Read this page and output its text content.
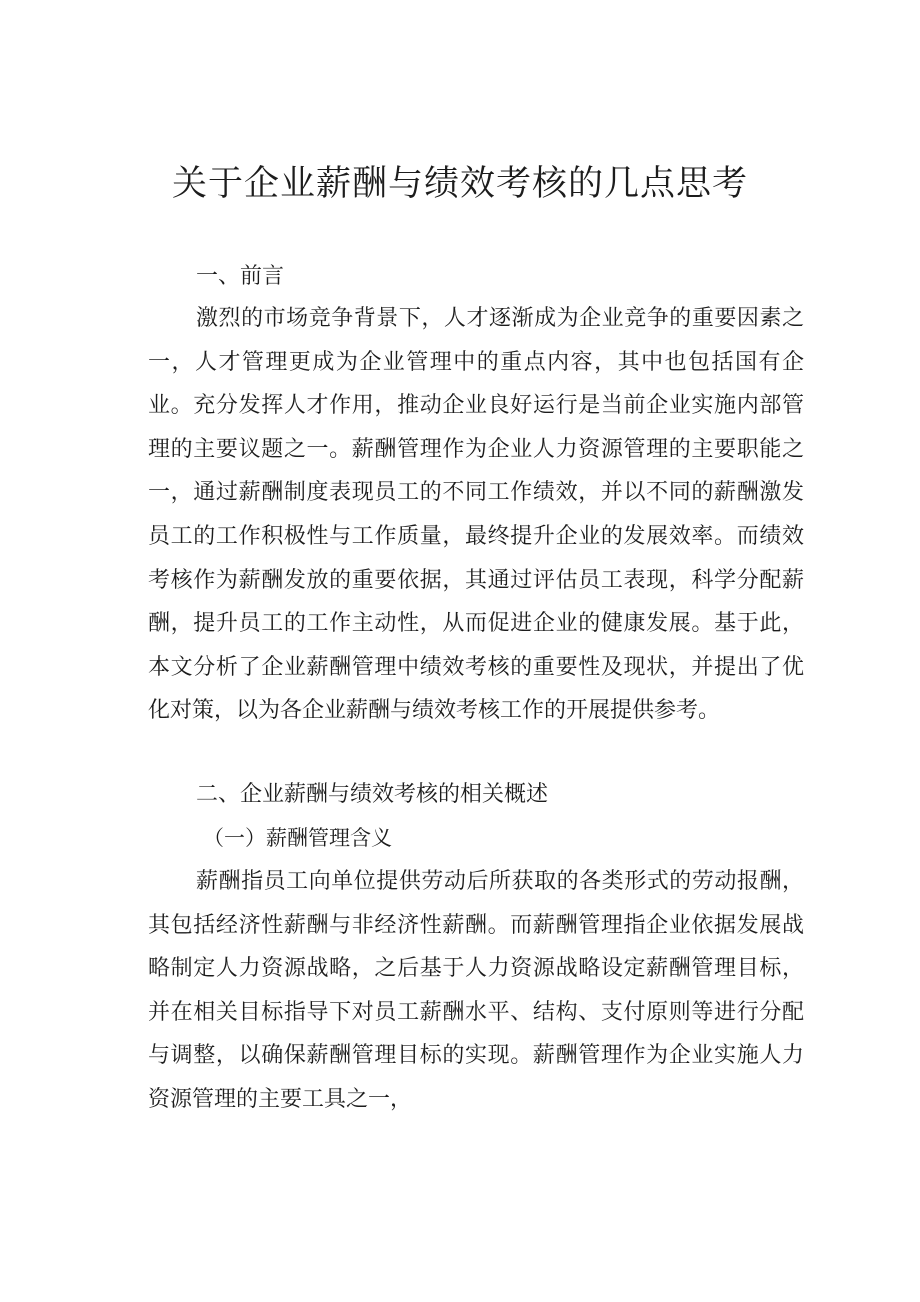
关于企业薪酬与绩效考核的几点思考
一、前言

激烈的市场竞争背景下，人才逐渐成为企业竞争的重要因素之一，人才管理更成为企业管理中的重点内容，其中也包括国有企业。充分发挥人才作用，推动企业良好运行是当前企业实施内部管理的主要议题之一。薪酬管理作为企业人力资源管理的主要职能之一，通过薪酬制度表现员工的不同工作绩效，并以不同的薪酬激发员工的工作积极性与工作质量，最终提升企业的发展效率。而绩效考核作为薪酬发放的重要依据，其通过评估员工表现，科学分配薪酬，提升员工的工作主动性，从而促进企业的健康发展。基于此，本文分析了企业薪酬管理中绩效考核的重要性及现状，并提出了优化对策，以为各企业薪酬与绩效考核工作的开展提供参考。

二、企业薪酬与绩效考核的相关概述
（一）薪酬管理含义

薪酬指员工向单位提供劳动后所获取的各类形式的劳动报酬，其包括经济性薪酬与非经济性薪酬。而薪酬管理指企业依据发展战略制定人力资源战略，之后基于人力资源战略设定薪酬管理目标，并在相关目标指导下对员工薪酬水平、结构、支付原则等进行分配与调整，以确保薪酬管理目标的实现。薪酬管理作为企业实施人力资源管理的主要工具之一，
